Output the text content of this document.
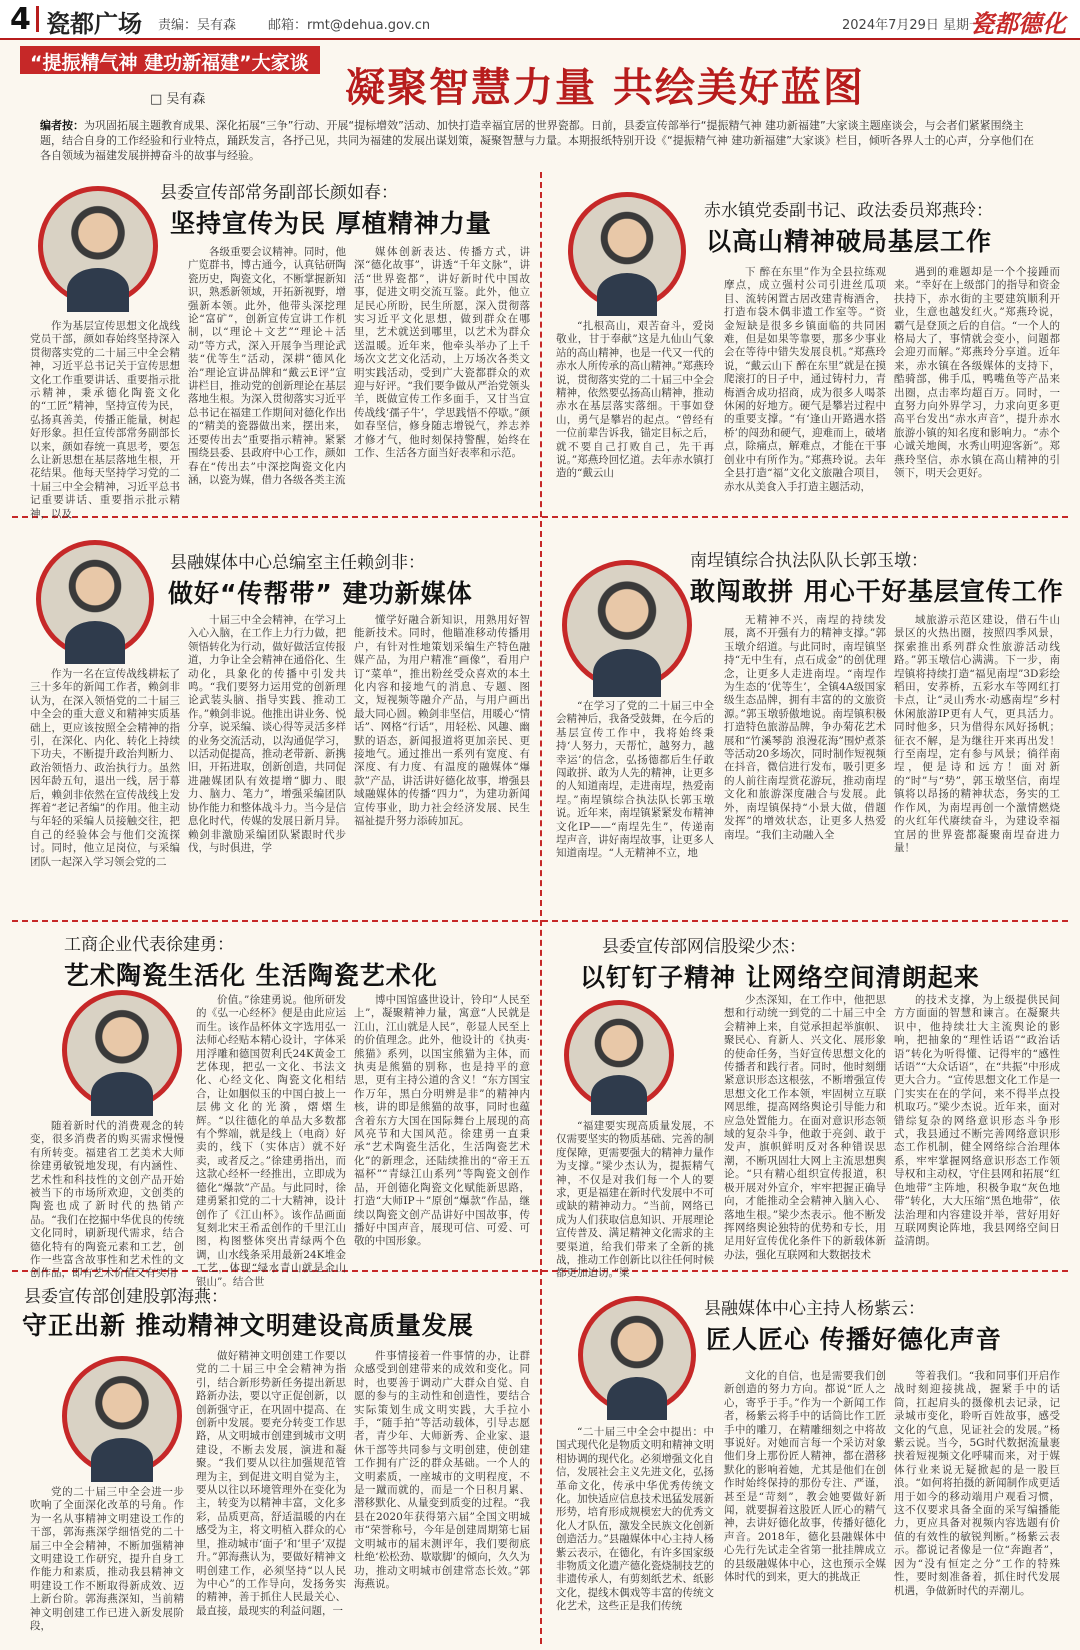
4 瓷都广场 责编：吴有森 邮箱：rmt@dehua.gov.cn	2024年7月29日 星期一
瓷都德化
“提振精气神 建功新福建”大家谈
□ 吴有森	凝聚智慧力量 共绘美好蓝图
编者按：为巩固拓展主题教育成果、深化拓展“三争”行动、开展“提标增效”活动、加快打造幸福宜居的世界瓷都。日前，县委宣传部举行“提振精气神 建功新福建”大家谈主题座谈会，与会者们紧紧围绕主题，结合自身的工作经验和行业特点，踊跃发言，各抒己见，共同为福建的发展出谋划策，凝聚智慧与力量。本期报纸特别开设《“提振精气神 建功新福建”大家谈》栏目，倾听各界人士的心声，分享他们在各自领域为福建发展拼搏奋斗的故事与经验。
县委宣传部常务副部长颜如春：
坚持宣传为民 厚植精神力量
作为基层宣传思想文化战线党员干部，颜如春始终坚持深入贯彻落实党的二十届三中全会精神，习近平总书记关于宣传思想文化工作重要讲话、重要指示批示精神，秉承德化陶瓷文化的“工匠”精神，坚持宣传为民，弘扬真善美，传播正能量，树起好形象。担任宣传部常务副部长以来，颜如春统一真思考，要怎么让新思想在基层落地生根，开花结果。他每天坚持学习党的二十届三中全会精神，习近平总书记重要讲话、重要指示批示精神，以及
各级重要会议精神。同时，他广览群书，博古通今，认真钻研陶瓷历史，陶瓷文化，不断掌握新知识，熟悉新领域，开拓新视野，增强新本领。此外，他带头深挖理论“富矿”，创新宣传宣讲工作机制，以“理论＋文艺”“理论＋活动”等方式，深入开展争当理论武装“优等生”活动，深耕“德风化治”理论宣讲品牌和“戴云E评”宣讲栏目，推动党的创新理论在基层落地生根。为深入贯彻落实习近平总书记在福建工作期间对德化作出的“精美的瓷器做出来，摆出来，还要传出去”重要指示精神。紧紧围绕县委、县政府中心工作，颜如春在“传出去”中深挖陶瓷文化内涵，以瓷为媒，借力各级各类主流
媒体创新表达、传播方式，讲深“德化故事”，讲透“千年文脉”，讲活“世界瓷都”，讲好新时代中国故事，促进文明交流互鉴。此外，他立足民心所盼，民生所愿，深入贯彻落实习近平文化思想，做到群众在哪里，艺术就送到哪里，以艺术为群众送温暖。近年来，他牵头举办了上千场次文艺文化活动，上万场次各类文明实践活动，受到广大瓷都群众的欢迎与好评。“我们要争做从严治党领头羊，既做宣传工作多面手，又甘当宣传战线‘孺子牛’，学思践悟不停歇。”颜如春坚信，修身随志增锐气，养志养才修才气，他时刻保持警醒，始终在工作、生活各方面当好表率和示范。
赤水镇党委副书记、政法委员郑燕玲：
以高山精神破局基层工作
“扎根高山，艰苦奋斗，爱岗敬业，甘于奉献”这是九仙山气象站的高山精神，也是一代又一代的赤水人所传承的高山精神。”郑燕玲说，贯彻落实党的二十届三中全会精神，依然要弘扬高山精神，推动赤水在基层落实落细。干事如登山，勇气是攀岩的起点。“曾经有一位前辈告诉我，锚定目标之后，就不要自己打败自己，先干再说。”郑燕玲回忆道。去年赤水镇打造的“戴云山
下 醉在东里”作为全县拉练观摩点，成立强村公司引进丝瓜项目、流转闲置古居改建青梅酒舍，打造布袋木偶非遗工作室等。“资金短缺是很多乡镇面临的共同困难，但是如果等靠要，那多少事业会在等待中错失发展良机。”郑燕玲说，“戴云山下 醉在东里”就是在摸爬滚打的日子中，通过铸村力，青梅酒舍成功招商，成为很多人喝茶休闲的好地方。硬气是攀岩过程中的重要支撑。“有‘逢山开路遇水搭桥’的闯劲和硬气，迎难而上，破堵点，除痛点，解难点，才能在干事创业中有所作为。”郑燕玲说。去年全县打造“福”文化文旅融合项目，赤水从美食入手打造主题活动，
遇到的难题却是一个个接踵而来。“幸好在上级部门的指导和资金扶持下，赤水街的主要建筑顺利开业，生意也越发红火。”郑燕玲说，霸气是登顶之后的自信。“一个人的格局大了，事情就会变小，问题都会迎刃而解。”郑燕玲分享道。近年来，赤水镇在各级媒体的支持下，酷骑部，佛手瓜，鸭嘴鱼等产品来出圈，点击率均超百万。同时，一直努力向外界学习，力求向更多更高平台发出“赤水声音”，提升赤水旅游小镇的知名度和影响力。“赤个心诚关地闽，水秀山明迎客新”。郑燕玲坚信，赤水镇在高山精神的引领下，明天会更好。
县融媒体中心总编室主任赖剑非：
做好“传帮带” 建功新媒体
作为一名在宣传战线耕耘了三十多年的新闻工作者，赖剑非认为，在深入领悟党的二十届三中全会的重大意义和精神实质基础上，更应该按照全会精神的指引，在深化、内化、转化上持续下功夫，不断提升政治判断力、政治领悟力、政治执行力。虽然因年龄五旬，退出一线，居于幕后，赖剑非依然在宣传战线上发挥着“老记者编”的作用。他主动与年轻的采编人员接触交往，把自己的经验体会与他们交流探讨。同时，他立足岗位，与采编团队一起深入学习领会党的二
十届三中全会精神，在学习上入心入脑，在工作上力行力做，把领悟转化为行动，做好做活宣传报道，力争让全会精神在通俗化、生动化，具象化的传播中引发共鸣。“我们要努力运用党的创新理论武装头脑、指导实践、推动工作。”赖剑非说。他推出讲业务、悦分享，说采编、谈心得等灵活多样的业务交流活动，以沟通促学习，以活动促提高，推动老带新、新携旧，开拓进取，创新创造，共同促进融媒团队有效提增“脚力、眼力、脑力、笔力”，增强采编团队协作能力和整体战斗力。当今是信息化时代，传媒的发展日新月异。赖剑非激励采编团队紧跟时代步伐，与时俱进，学
懂学好融合新知识，用熟用好智能新技术。同时，他瞄准移动传播用户，有针对性地策划采编生产特色融媒产品，为用户精准“画像”，看用户订“菜单”，推出粉丝受众喜欢的本土化内容和接地气的消息、专题、图文，短视频等融介产品，与用户画出最大同心圆。赖剑非坚信，用暖心“情话”、网格“行话”，用轻松、风趣、幽默的语态，新闻报道将更加亲民、更接地气。通过推出一系列有宽度、有深度、有力度、有温度的融媒体“爆款”产品，讲活讲好德化故事，增强县域融媒体的传播“四力”，为建功新闻宣传事业，助力社会经济发展、民生福祉提升努力添砖加瓦。
南埕镇综合执法队队长郭玉墩：
敢闯敢拼 用心干好基层宣传工作
“在学习了党的二十届三中全会精神后，我备受鼓舞，在今后的基层宣传工作中，我将始终秉持‘人努力，天帮忙，越努力，越幸运’的信念，弘扬德都后生仔敢闯敢拼、敢为人先的精神，让更多的人知道南埕，走进南埕，热爱南埕。”南埕镇综合执法队长郭玉墩说。近年来，南埕镇紧紧发布精神文化IP——“南埕先生”，传递南埕声音，讲好南埕故事，让更多人知道南埕。“人无精神不立，地
无精神不兴，南埕的持续发展，离不开强有力的精神支撑。”郭玉墩介绍道。与此同时，南埕镇坚持“无中生有，点石成金”的创优理念，让更多人走进南埕。“南埕作为生态的‘优等生’，全镇4A级国家级生态品牌，拥有丰富的的文旅资源。”郭玉墩骄傲地说。南埕镇积极打造特色旅游品牌，争办菊花艺术展和“竹溪琴韵 浪漫花海”围炉煮茶等活动20多场次，同时制作短视频在抖音，微信进行发布，吸引更多的人前往南埕赏花游玩，推动南埕文化和旅游深度融合与发展。此外，南埕镇保持“小景大做，借题发挥”的增效状态，让更多人热爱南埕。“我们主动融入全
域旅游示范区建设，借石牛山景区的火热出圈，按照四季风景，探索推出系列群众性旅游活动线路。”郭玉墩信心满满。下一步，南埕镇将持续打造“福见南埕”3D彩绘稻田，安荞桥，五彩水车等网红打卡点，让“灵山秀水·动感南埕”乡村休闲旅游IP更有人气，更具活力。同时他多，只为借得东风好扬帆；征衣不解，是为继往开来再出发！行至南埕，定有参与风景；徜徉南埕，便是诗和远方！面对新的“时”与“势”，郭玉墩坚信，南埕镇将以昂扬的精神状态，务实的工作作风，为南埕再创一个激情燃烧的火红年代赓续奋斗，为建设幸福宜居的世界瓷都凝聚南埕奋进力量！
工商企业代表徐建勇：
艺术陶瓷生活化 生活陶瓷艺术化
随着新时代的消费观念的转变，很多消费者的购买需求慢慢有所转变。福建省工艺美术大师徐建勇敏锐地发现，有内涵性、艺术性和科技性的文创产品开始被当下的市场所欢迎，文创类的陶瓷也成了新时代的热销产品。“我们在挖掘中华优良的传统文化同时，刷新现代需求，结合德化特有的陶瓷元素和工艺，创作一些富含故事性和艺术性的文创作品，即有艺术价值又有实用
价值。”徐建勇说。他所研发的《弘一心经杯》便是由此应运而生。该作品杯体文字选用弘一法师心经贴本精心设计，字体采用浮雕和德国贺利氏24K黄金工艺体现，把弘一文化、书法文化、心经文化、陶瓷文化相结合，让如胭似玉的中国白披上一层佛文化的光漪，熠熠生辉。“以往德化的单品大多数都有个弊端，就是线上（电商）好卖的，线下（实体店）就不好卖，或者反之。”徐建勇指出，而这款心经杯一经推出，立即成为德化“爆款”产品。与此同时，徐建勇紧扣党的二十大精神，设计创作了《江山杯》。该作品画面复刻北宋王希孟创作的千里江山图，构图整体突出青绿两个色调，山水线条采用最新24K堆金工艺，体现“绿水青山就是金山银山”。结合世
博中国馆盛世设计，铃印“人民至上”，凝聚精神力量，寓意“人民就是江山，江山就是人民”，彰显人民至上的价值理念。此外，他设计的《执夷·熊猫》系列，以国宝熊猫为主体，而执夷是熊猫的别称，也是持平的意思，更有主持公道的含义！“东方国宝作万年，黑白分明辨是非”的精神内核，讲的即是熊猫的故事，同时也蕴含着东方大国在国际舞台上展现的高风亮节和大国风范。徐建勇一直秉承“艺术陶瓷生活化，生活陶瓷艺术化”的新理念，还陆续推出的“帝王五福杯”“青绿江山系列”等陶瓷文创作品，开创德化陶瓷文化赋能新思路，打造“大师IP＋”原创“爆款”作品，继续以陶瓷文创产品讲好中国故事，传播好中国声音，展现可信、可爱、可敬的中国形象。
县委宣传部网信股梁少杰：
以钉钉子精神 让网络空间清朗起来
“福建要实现高质量发展，不仅需要坚实的物质基础、完善的制度保障，更需要强大的精神力量作为支撑。”梁少杰认为，提振精气神，不仅是对我们每一个人的要求，更是福建在新时代发展中不可或缺的精神动力。“当前，网络已成为人们获取信息知识、开展理论宣传普及、满足精神文化需求的主要渠道，给我们带来了全新的挑战，推动工作创新比以往任何时候都更加迫切。”梁
少杰深知，在工作中，他把思想和行动统一到党的二十届三中全会精神上来，自觉承担起举旗帜、聚民心、育新人、兴文化、展形象的使命任务，当好宣传思想文化的传播者和践行者。同时，他时刻绷紧意识形态这根弦，不断增强宣传思想文化工作本领，牢固树立互联网思维，提高网络舆论引导能力和应急处置能力。在面对意识形态领域的复杂斗争，他敢于亮剑、敢于发声，旗帜鲜明反对各种错误思潮，不断巩固壮大网上主流思想舆论。“只有精心组织宣传报道，积极开展对外宣介，牢牢把握正确导向，才能推动全会精神入脑入心、落地生根。”梁少杰表示。他不断发挥网络舆论独特的优势和专长，用足用好宣传优化条件下的新载体新办法，强化互联网和大数据技术
的技术支撑，为上级提供民间方方面面的智慧和谏言。在凝聚共识中，他持续壮大主流舆论的影响，把抽象的“理性话语”“政治话语”转化为听得懂、记得牢的“感性话语”“大众话语”，在“共振”中形成更大合力。“宣传思想文化工作是一门实实在在的学问，来不得半点投机取巧。”梁少杰说。近年来，面对错综复杂的网络意识形态斗争形式，我县通过不断完善网络意识形态工作机制，健全网络综合治理体系，牢牢掌握网络意识形态工作领导权和主动权，守住县网和拓展“红色地带”主阵地，积极争取“灰色地带”转化，大大压缩“黑色地带”，依法治理和内容建设并举，营好用好互联网舆论阵地，我县网络空间日益清朗。
县委宣传部创建股郭海燕：
守正出新 推动精神文明建设高质量发展
党的二十届三中全会进一步吹响了全面深化改革的号角。作为一名从事精神文明建设工作的干部，郭海燕深学细悟党的二十届三中全会精神，不断加强精神文明建设工作研究，提升自身工作能力和素质，推动我县精神文明建设工作不断取得新成效、迈上新台阶。郭海燕深知，当前精神文明创建工作已进入新发展阶段，
做好精神文明创建工作要以党的二十届三中全会精神为指引，结合新形势新任务提出新思路新办法，要以守正促创新，以创新强守正，在巩固中提高、在创新中发展。要充分转变工作思路，从文明城市创建到城市文明建设，不断去发展，演进和凝聚。“我们要从以往加强规范管理为主，到促进文明自觉为主，要从以往以环境管理外在变化为主，转变为以精神丰富，文化多彩，品质更高，舒适温暖的内在感受为主，将文明植入群众的心里，推动城市‘面子’和‘里子’双提升。”郭海燕认为，要做好精神文明创建工作，必须坚持“以人民为中心”的工作导向，发扬务实的精神，善于抓住人民最关心、最直接，最现实的利益问题，一
件事情接着一件事情的办，让群众感受到创建带来的成效和变化。同时，也要善于调动广大群众自觉、自愿的参与的主动性和创造性，要结合实际策划生成文明实践，大手拉小手，“随手拍”等活动载体，引导志愿者，青少年、大师新秀、企业家、退休干部等共同参与文明创建，使创建工作拥有广泛的群众基础。一个人的文明素质，一座城市的文明程度，不是一蹴而就的，而是一个日积月累、潜移默化、从量变到质变的过程。“我县在2020年获得第六届”全国文明城市“荣誉称号，今年是创建周期第七届文明城市的届末测评年，我们要彻底杜绝‘松松劲、歇歇脚’的倾向，久久为功，推动文明城市创建常态长效。”郭海燕说。
县融媒体中心主持人杨紫云：
匠人匠心 传播好德化声音
“二十届三中全会中提出：中国式现代化是物质文明和精神文明相协调的现代化。必须增强文化自信，发展社会主义先进文化，弘扬革命文化，传承中华优秀传统文化。加快适应信息技术迅猛发展新形势，培育形成规模宏大的优秀文化人才队伍，激发全民族文化创新创造活力。”县融媒体中心主持人杨紫云表示，在德化，有许多国家级非物质文化遗产德化瓷烧制技艺的非遗传承人，有剪刻纸艺术、纸影文化，提线木偶戏等丰富的传统文化艺术，这些正是我们传统
文化的自信，也是需要我们创新创造的努力方向。都说“匠人之心，寄乎于手。”作为一个新闻工作者，杨紫云将手中的话筒比作工匠手中的雕刀，在精雕细刻之中将故事说好。对她而言每一个采访对象他们身上那份匠人精神，都在潜移默化的影响着她，尤其是他们在创作时始终保持的那份专注、严谨，甚至是“苛刻”，教会她要做好新闻，就要摒着这股匠人匠心的精气神，去讲好德化故事，传播好德化声音。2018年，德化县融媒体中心先行先试走全省第一批挂牌成立的县级融媒体中心，这也预示全媒体时代的到来，更大的挑战正
等着我们。“我和同事们开启作战时刻迎接挑战，握紧手中的话筒，扛起肩头的摄像机去记录，记录城市变化，聆听百姓故事，感受文化的气息，见证社会的发展。”杨紫云说。当今，5G时代数据流量裹挟着短视频文化呼啸而来，对于媒体行业来说无疑掀起的是一股巨浪。“如何将拍摄的新闻制作成更适用于如今的移动端用户观看习惯，这不仅要求具备全面的采写编播能力，更应具备对视频内容选题有价值的有效性的敏锐判断。”杨紫云表示。都说记者像是一位“奔跑者”，因为“没有恒定之分”工作的特殊性，要时刻准备着，抓住时代发展机遇，争做新时代的弄潮儿。
